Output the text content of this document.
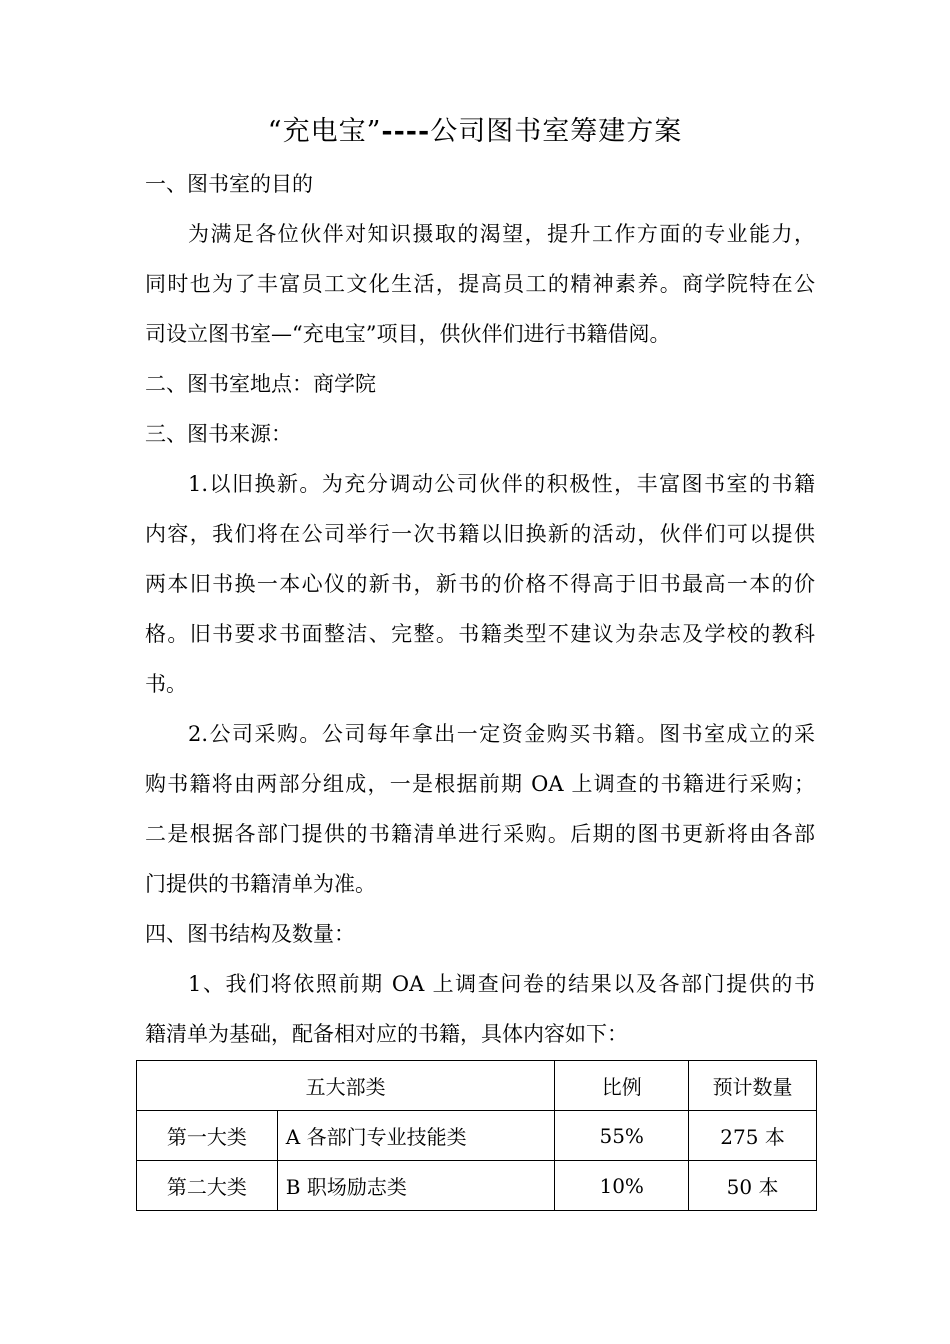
“充电宝”----公司图书室筹建方案
一、图书室的目的
为满足各位伙伴对知识摄取的渴望，提升工作方面的专业能力，
同时也为了丰富员工文化生活，提高员工的精神素养。商学院特在公
司设立图书室—“充电宝”项目，供伙伴们进行书籍借阅。
二、图书室地点：商学院
三、图书来源：
1.以旧换新。为充分调动公司伙伴的积极性，丰富图书室的书籍
内容，我们将在公司举行一次书籍以旧换新的活动，伙伴们可以提供
两本旧书换一本心仪的新书，新书的价格不得高于旧书最高一本的价
格。旧书要求书面整洁、完整。书籍类型不建议为杂志及学校的教科
书。
2.公司采购。公司每年拿出一定资金购买书籍。图书室成立的采
购书籍将由两部分组成，一是根据前期 OA 上调查的书籍进行采购；
二是根据各部门提供的书籍清单进行采购。后期的图书更新将由各部
门提供的书籍清单为准。
四、图书结构及数量：
1、我们将依照前期 OA 上调查问卷的结果以及各部门提供的书
籍清单为基础，配备相对应的书籍，具体内容如下：
五大部类		比例	预计数量
第一大类	A 各部门专业技能类	55%	275 本
第二大类	B 职场励志类	10%	50 本
